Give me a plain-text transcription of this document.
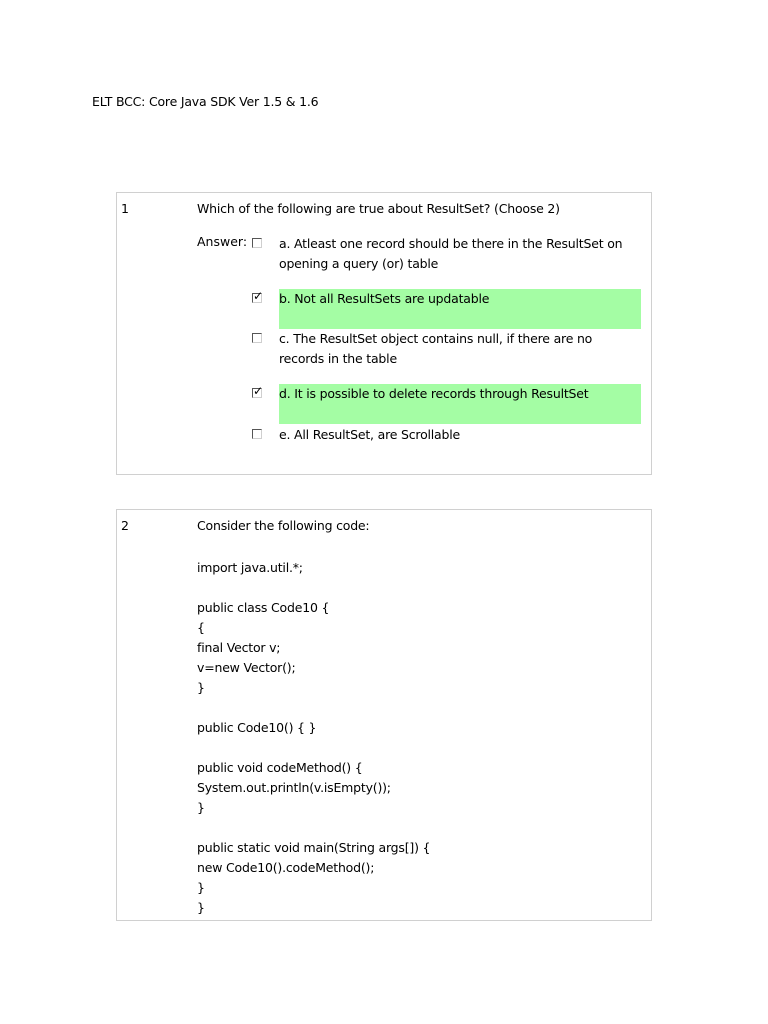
ELT BCC: Core Java SDK Ver 1.5 & 1.6
1	Which of the following are true about ResultSet? (Choose 2)
Answer:	a. Atleast one record should be there in the ResultSet on opening a query (or) table
✓ b. Not all ResultSets are updatable
c. The ResultSet object contains null, if there are no records in the table
✓ d. It is possible to delete records through ResultSet
e. All ResultSet, are Scrollable
2	Consider the following code:
import java.util.*;
public class Code10 {
{
final Vector v;
v=new Vector();
}
public Code10() { }
public void codeMethod() {
System.out.println(v.isEmpty());
}
public static void main(String args[]) {
new Code10().codeMethod();
}
}
